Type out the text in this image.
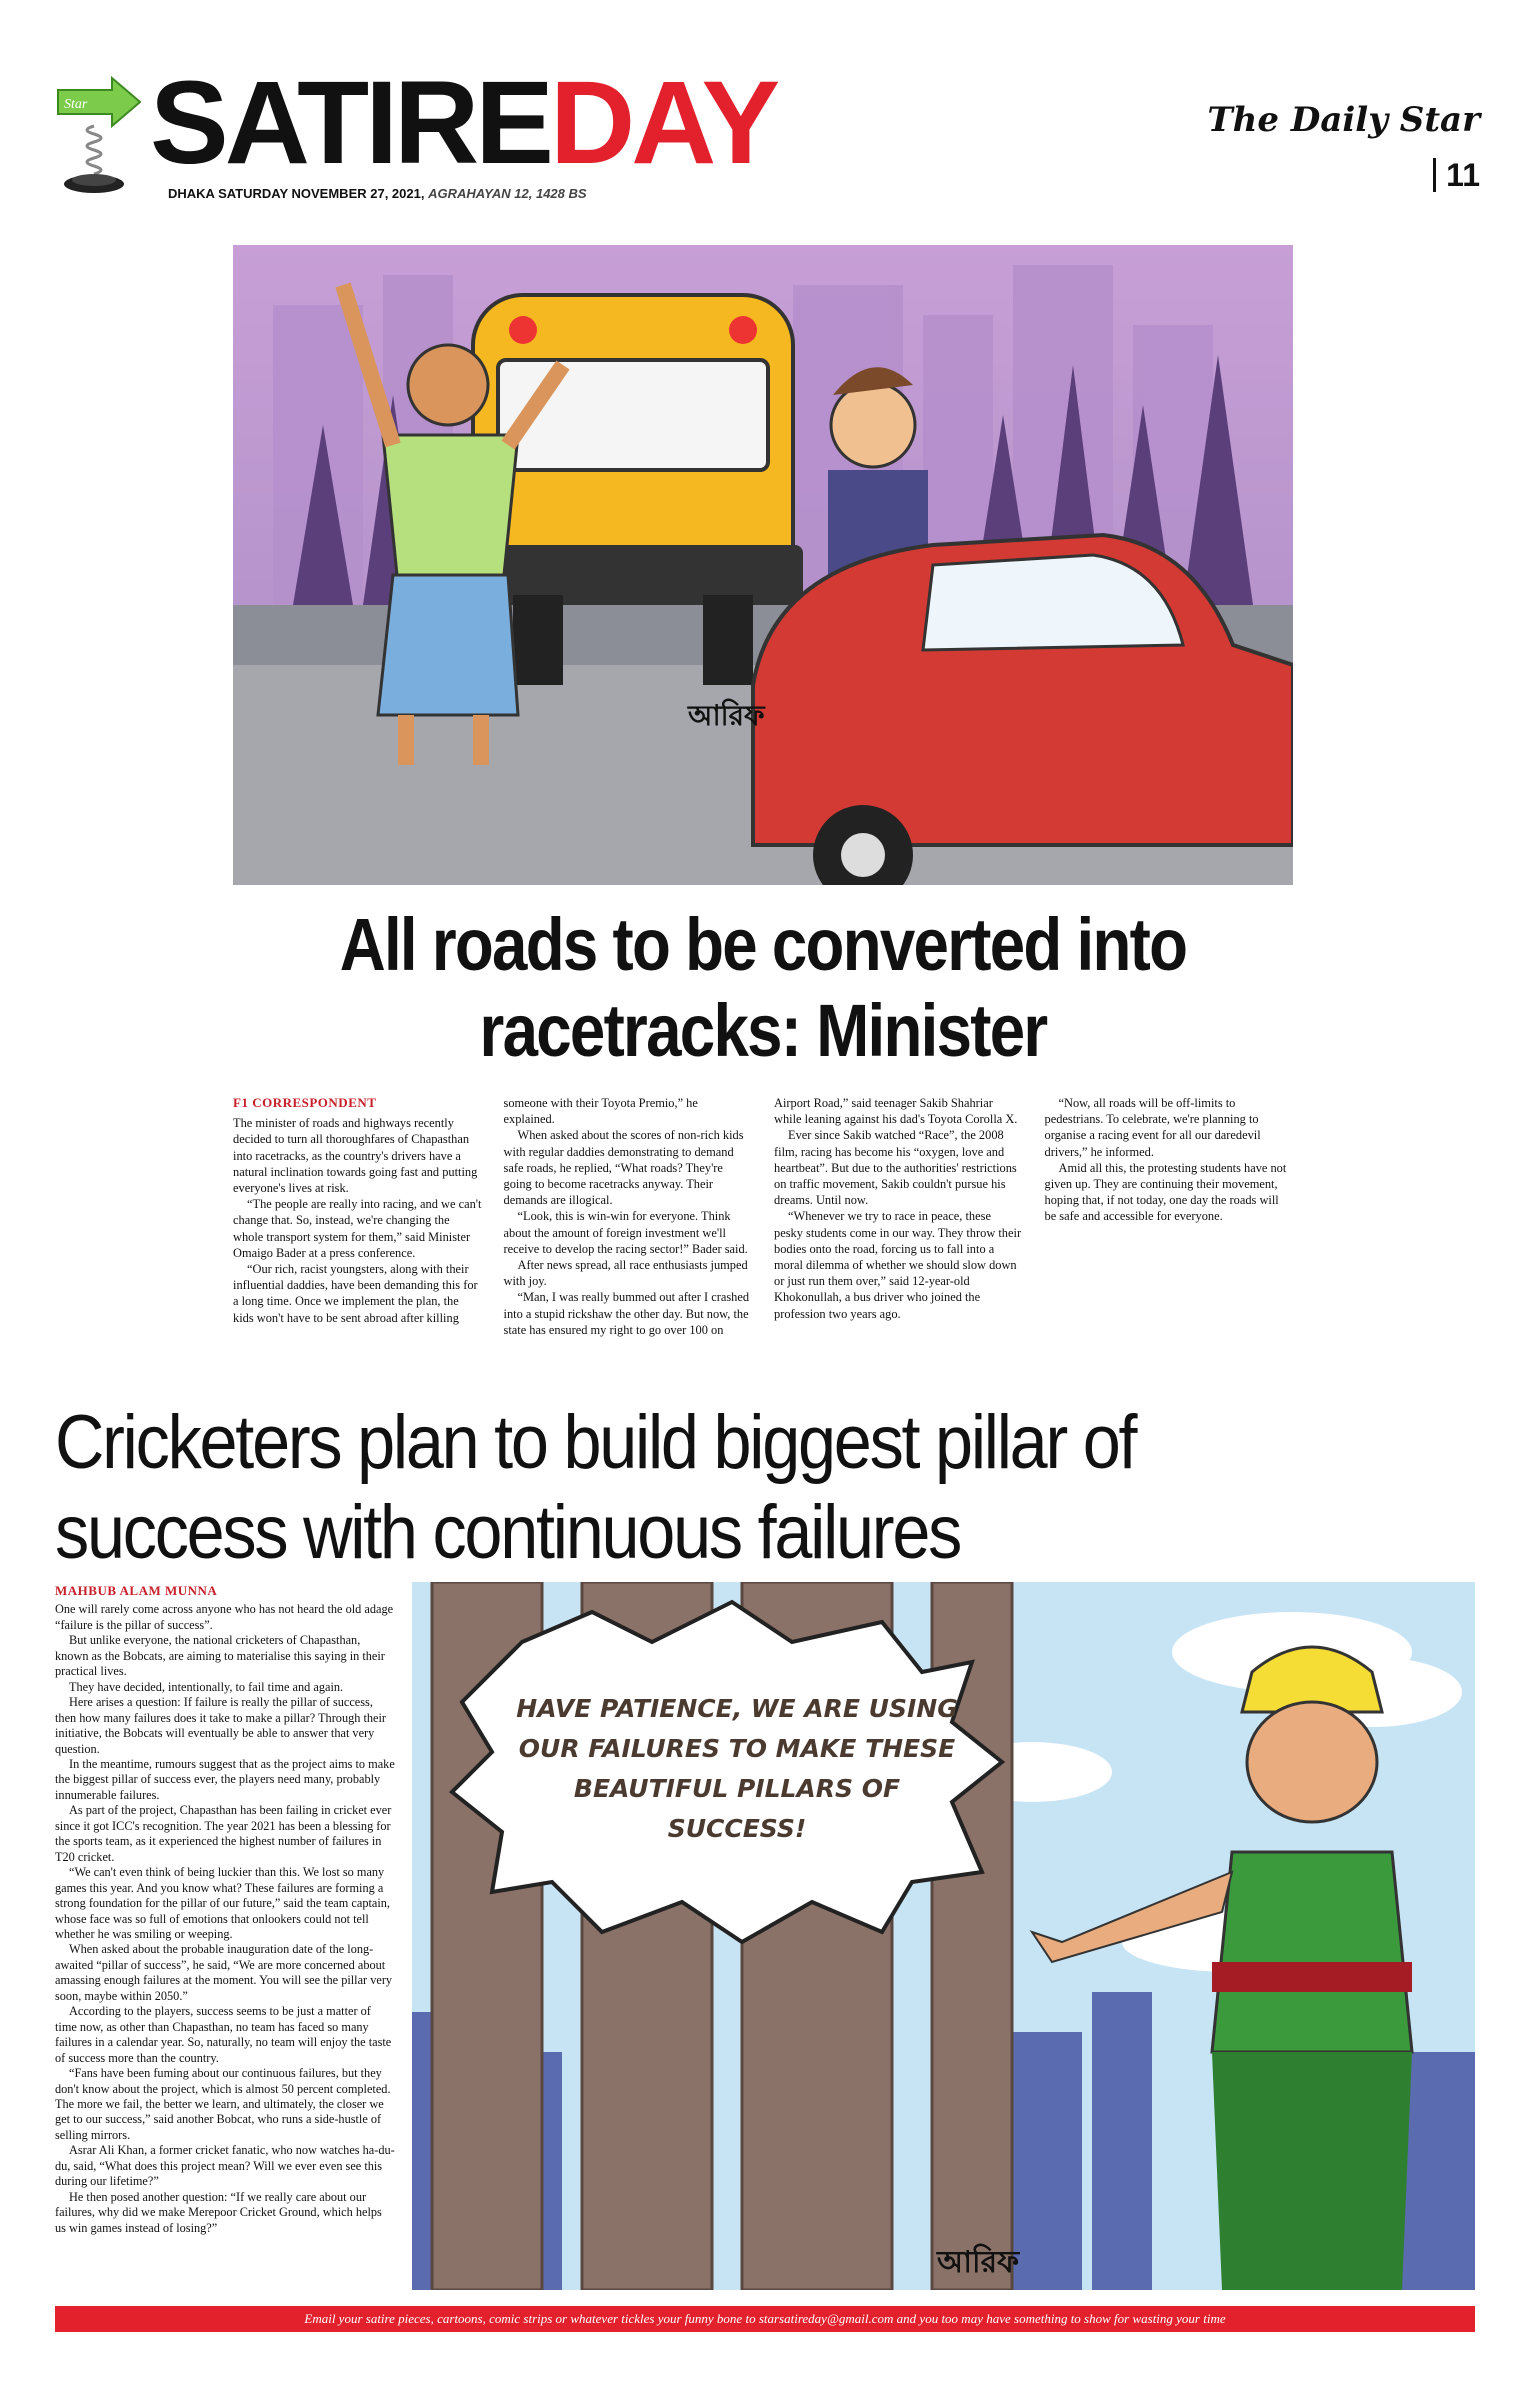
Star SATIREDAY
DHAKA SATURDAY NOVEMBER 27, 2021, AGRAHAYAN 12, 1428 BS
The Daily Star
11
আরিফ
All roads to be converted into racetracks: Minister
F1 CORRESPONDENT

The minister of roads and highways recently decided to turn all thoroughfares of Chapasthan into racetracks, as the country's drivers have a natural inclination towards going fast and putting everyone's lives at risk.

“The people are really into racing, and we can't change that. So, instead, we're changing the whole transport system for them,” said Minister Omaigo Bader at a press conference.

“Our rich, racist youngsters, along with their influential daddies, have been demanding this for a long time. Once we implement the plan, the kids won't have to be sent abroad after killing someone with their Toyota Premio,” he explained.

When asked about the scores of non-rich kids with regular daddies demonstrating to demand safe roads, he replied, “What roads? They're going to become racetracks anyway. Their demands are illogical.

“Look, this is win-win for everyone. Think about the amount of foreign investment we'll receive to develop the racing sector!” Bader said.

After news spread, all race enthusiasts jumped with joy.

“Man, I was really bummed out after I crashed into a stupid rickshaw the other day. But now, the state has ensured my right to go over 100 on Airport Road,” said teenager Sakib Shahriar while leaning against his dad's Toyota Corolla X.

Ever since Sakib watched “Race”, the 2008 film, racing has become his “oxygen, love and heartbeat”. But due to the authorities' restrictions on traffic movement, Sakib couldn't pursue his dreams. Until now.

“Whenever we try to race in peace, these pesky students come in our way. They throw their bodies onto the road, forcing us to fall into a moral dilemma of whether we should slow down or just run them over,” said 12-year-old Khokonullah, a bus driver who joined the profession two years ago.

“Now, all roads will be off-limits to pedestrians. To celebrate, we're planning to organise a racing event for all our daredevil drivers,” he informed.

Amid all this, the protesting students have not given up. They are continuing their movement, hoping that, if not today, one day the roads will be safe and accessible for everyone.

Cricketers plan to build biggest pillar of success with continuous failures
MAHBUB ALAM MUNNA

One will rarely come across anyone who has not heard the old adage “failure is the pillar of success”.

But unlike everyone, the national cricketers of Chapasthan, known as the Bobcats, are aiming to materialise this saying in their practical lives.

They have decided, intentionally, to fail time and again.

Here arises a question: If failure is really the pillar of success, then how many failures does it take to make a pillar? Through their initiative, the Bobcats will eventually be able to answer that very question.

In the meantime, rumours suggest that as the project aims to make the biggest pillar of success ever, the players need many, probably innumerable failures.

As part of the project, Chapasthan has been failing in cricket ever since it got ICC's recognition. The year 2021 has been a blessing for the sports team, as it experienced the highest number of failures in T20 cricket.

“We can't even think of being luckier than this. We lost so many games this year. And you know what? These failures are forming a strong foundation for the pillar of our future,” said the team captain, whose face was so full of emotions that onlookers could not tell whether he was smiling or weeping.

When asked about the probable inauguration date of the long-awaited “pillar of success”, he said, “We are more concerned about amassing enough failures at the moment. You will see the pillar very soon, maybe within 2050.”

According to the players, success seems to be just a matter of time now, as other than Chapasthan, no team has faced so many failures in a calendar year. So, naturally, no team will enjoy the taste of success more than the country.

“Fans have been fuming about our continuous failures, but they don't know about the project, which is almost 50 percent completed. The more we fail, the better we learn, and ultimately, the closer we get to our success,” said another Bobcat, who runs a side-hustle of selling mirrors.

Asrar Ali Khan, a former cricket fanatic, who now watches ha-du-du, said, “What does this project mean? Will we ever even see this during our lifetime?”

He then posed another question: “If we really care about our failures, why did we make Merepoor Cricket Ground, which helps us win games instead of losing?”

HAVE PATIENCE, WE ARE USING
OUR FAILURES TO MAKE THESE
BEAUTIFUL PILLARS OF
SUCCESS!
আরিফ
Email your satire pieces, cartoons, comic strips or whatever tickles your funny bone to starsatireday@gmail.com and you too may have something to show for wasting your time
